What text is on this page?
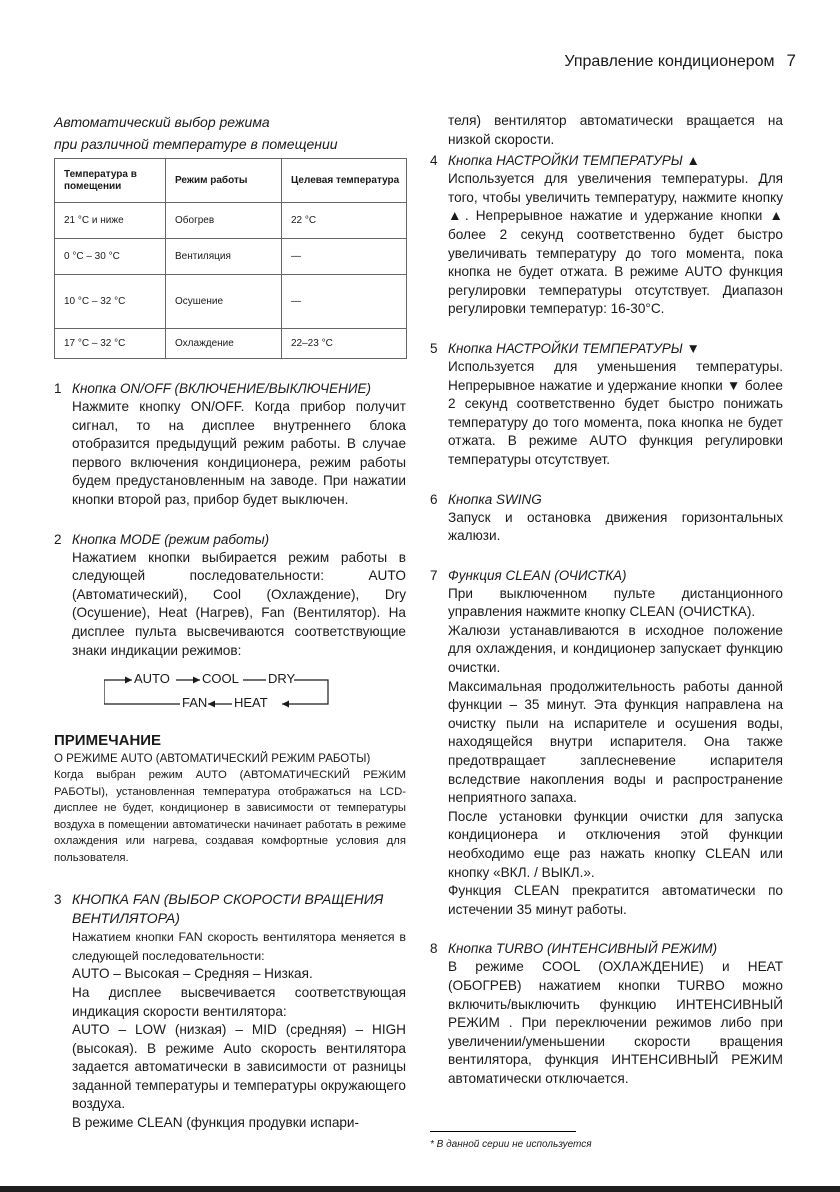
Управление кондиционером 7
Автоматический выбор режима
при различной температуре в помещении
Температура в помещении	Режим работы	Целевая температура
21 °C и ниже	Обогрев	22 °C
0 °C – 30 °C	Вентиляция	—
10 °C – 32 °C	Осушение	—
17 °C – 32 °C	Охлаждение	22–23 °C
1 Кнопка ON/OFF (ВКЛЮЧЕНИЕ/ВЫКЛЮЧЕНИЕ)
Нажмите кнопку ON/OFF. Когда прибор получит сигнал, то на дисплее внутреннего блока отобразится предыдущий режим работы. В случае первого включения кондиционера, режим работы будем предустановленным на заводе. При нажатии кнопки второй раз, прибор будет выключен.
2 Кнопка MODE (режим работы)
Нажатием кнопки выбирается режим работы в следующей последовательности: AUTO (Автоматический), Cool (Охлаждение), Dry (Осушение), Heat (Нагрев), Fan (Вентилятор). На дисплее пульта высвечиваются соответствующие знаки индикации режимов:
AUTO COOL DRY
FAN HEAT
ПРИМЕЧАНИЕ
О РЕЖИМЕ AUTO (АВТОМАТИЧЕСКИЙ РЕЖИМ РАБОТЫ)
Когда выбран режим AUTO (АВТОМАТИЧЕСКИЙ РЕЖИМ РАБОТЫ), установленная температура отображаться на LCD-дисплее не будет, кондиционер в зависимости от температуры воздуха в помещении автоматически начинает работать в режиме охлаждения или нагрева, создавая комфортные условия для пользователя.
3 КНОПКА FAN (ВЫБОР СКОРОСТИ ВРАЩЕНИЯ ВЕНТИЛЯТОРА)
Нажатием кнопки FAN скорость вентилятора меняется в следующей последовательности:
AUTO – Высокая – Средняя – Низкая.
На дисплее высвечивается соответствующая индикация скорости вентилятора:
AUTO – LOW (низкая) – MID (средняя) – HIGH (высокая). В режиме Auto скорость вентилятора задается автоматически в зависимости от разницы заданной температуры и температуры окружающего воздуха.
В режиме CLEAN (функция продувки испари-
теля) вентилятор автоматически вращается на низкой скорости.
4 Кнопка НАСТРОЙКИ ТЕМПЕРАТУРЫ ▲
Используется для увеличения температуры. Для того, чтобы увеличить температуру, нажмите кнопку ▲. Непрерывное нажатие и удержание кнопки ▲ более 2 секунд соответственно будет быстро увеличивать температуру до того момента, пока кнопка не будет отжата. В режиме AUTO функция регулировки температуры отсутствует. Диапазон регулировки температур: 16-30°C.
5 Кнопка НАСТРОЙКИ ТЕМПЕРАТУРЫ ▼
Используется для уменьшения температуры. Непрерывное нажатие и удержание кнопки ▼ более 2 секунд соответственно будет быстро понижать температуру до того момента, пока кнопка не будет отжата. В режиме AUTO функция регулировки температуры отсутствует.
6 Кнопка SWING
Запуск и остановка движения горизонтальных жалюзи.
7 Функция CLEAN (ОЧИСТКА)
При выключенном пульте дистанционного управления нажмите кнопку CLEAN (ОЧИСТКА).
Жалюзи устанавливаются в исходное положение для охлаждения, и кондиционер запускает функцию очистки.
Максимальная продолжительность работы данной функции – 35 минут. Эта функция направлена на очистку пыли на испарителе и осушения воды, находящейся внутри испарителя. Она также предотвращает заплесневение испарителя вследствие накопления воды и распространение неприятного запаха.
После установки функции очистки для запуска кондиционера и отключения этой функции необходимо еще раз нажать кнопку CLEAN или кнопку «ВКЛ. / ВЫКЛ.».
Функция CLEAN прекратится автоматически по истечении 35 минут работы.
8 Кнопка TURBO (ИНТЕНСИВНЫЙ РЕЖИМ)
В режиме COOL (ОХЛАЖДЕНИЕ) и HEAT (ОБОГРЕВ) нажатием кнопки TURBO можно включить/выключить функцию ИНТЕНСИВНЫЙ РЕЖИМ . При переключении режимов либо при увеличении/уменьшении скорости вращения вентилятора, функция ИНТЕНСИВНЫЙ РЕЖИМ автоматически отключается.
* В данной серии не используется
